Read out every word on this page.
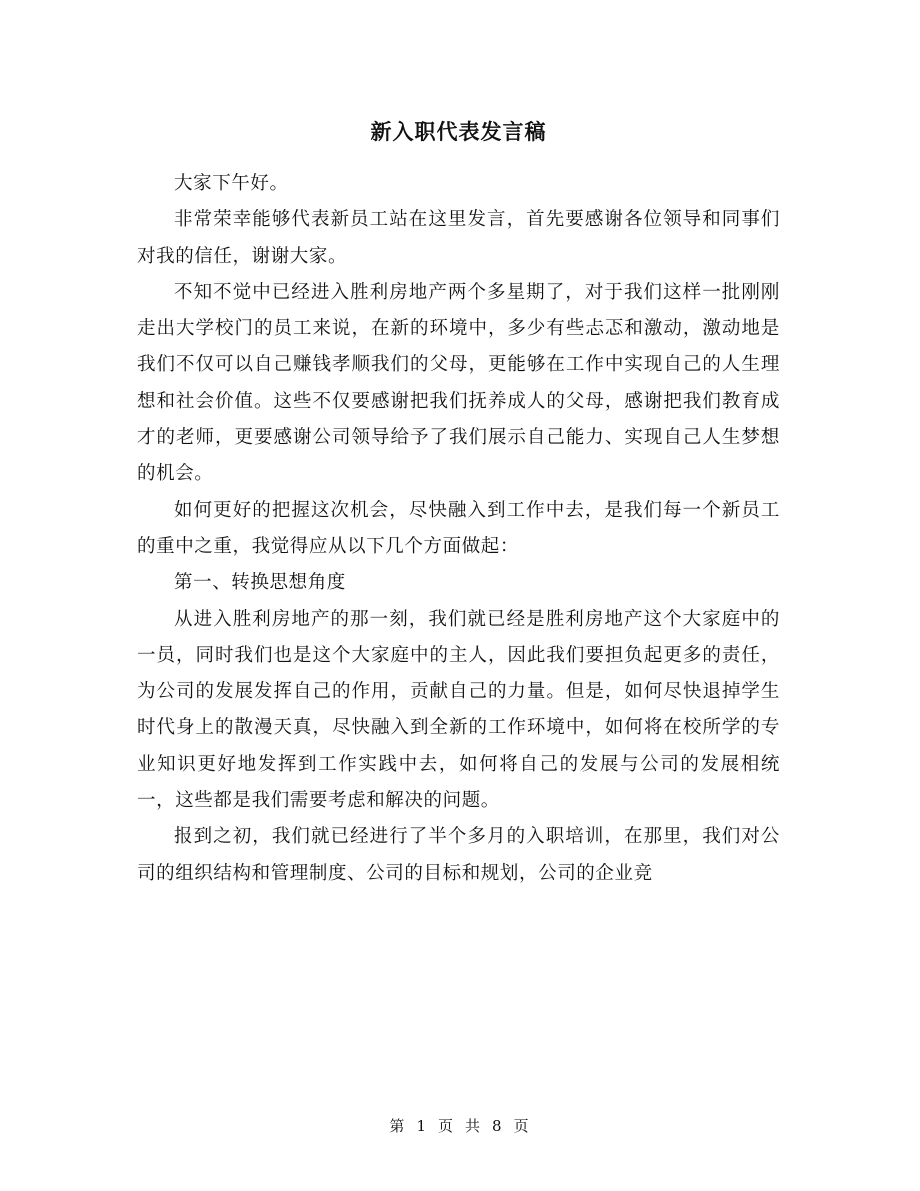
新入职代表发言稿

大家下午好。

非常荣幸能够代表新员工站在这里发言，首先要感谢各位领导和同事们对我的信任，谢谢大家。

不知不觉中已经进入胜利房地产两个多星期了，对于我们这样一批刚刚走出大学校门的员工来说，在新的环境中，多少有些忐忑和激动，激动地是我们不仅可以自己赚钱孝顺我们的父母，更能够在工作中实现自己的人生理想和社会价值。这些不仅要感谢把我们抚养成人的父母，感谢把我们教育成才的老师，更要感谢公司领导给予了我们展示自己能力、实现自己人生梦想的机会。

如何更好的把握这次机会，尽快融入到工作中去，是我们每一个新员工的重中之重，我觉得应从以下几个方面做起：

第一、转换思想角度

从进入胜利房地产的那一刻，我们就已经是胜利房地产这个大家庭中的一员，同时我们也是这个大家庭中的主人，因此我们要担负起更多的责任，为公司的发展发挥自己的作用，贡献自己的力量。但是，如何尽快退掉学生时代身上的散漫天真，尽快融入到全新的工作环境中，如何将在校所学的专业知识更好地发挥到工作实践中去，如何将自己的发展与公司的发展相统一，这些都是我们需要考虑和解决的问题。

报到之初，我们就已经进行了半个多月的入职培训，在那里，我们对公司的组织结构和管理制度、公司的目标和规划，公司的企业竞

第 1 页 共 8 页
